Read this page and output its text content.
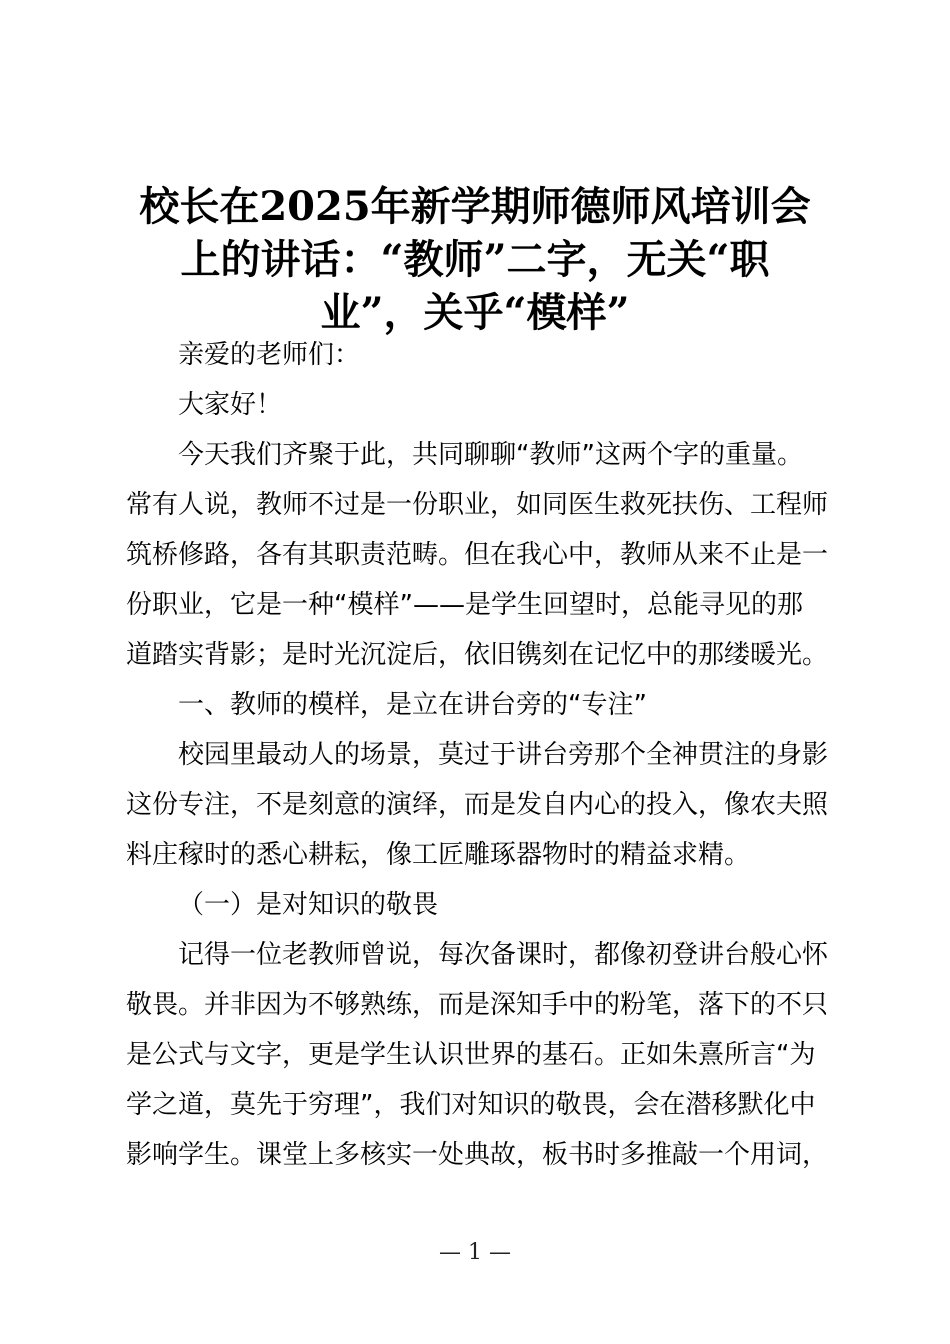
校长在2025年新学期师德师风培训会
上的讲话：“教师”二字，无关“职
业”，关乎“模样”

亲爱的老师们：

大家好！

今天我们齐聚于此，共同聊聊“教师”这两个字的重量。
常有人说，教师不过是一份职业，如同医生救死扶伤、工程师
筑桥修路，各有其职责范畴。但在我心中，教师从来不止是一
份职业，它是一种“模样”——是学生回望时，总能寻见的那
道踏实背影；是时光沉淀后，依旧镌刻在记忆中的那缕暖光。

一、教师的模样，是立在讲台旁的“专注”

校园里最动人的场景，莫过于讲台旁那个全神贯注的身影
这份专注，不是刻意的演绎，而是发自内心的投入，像农夫照
料庄稼时的悉心耕耘，像工匠雕琢器物时的精益求精。

（一）是对知识的敬畏

记得一位老教师曾说，每次备课时，都像初登讲台般心怀
敬畏。并非因为不够熟练，而是深知手中的粉笔，落下的不只
是公式与文字，更是学生认识世界的基石。正如朱熹所言“为
学之道，莫先于穷理”，我们对知识的敬畏，会在潜移默化中
影响学生。课堂上多核实一处典故，板书时多推敲一个用词，

— 1 —
